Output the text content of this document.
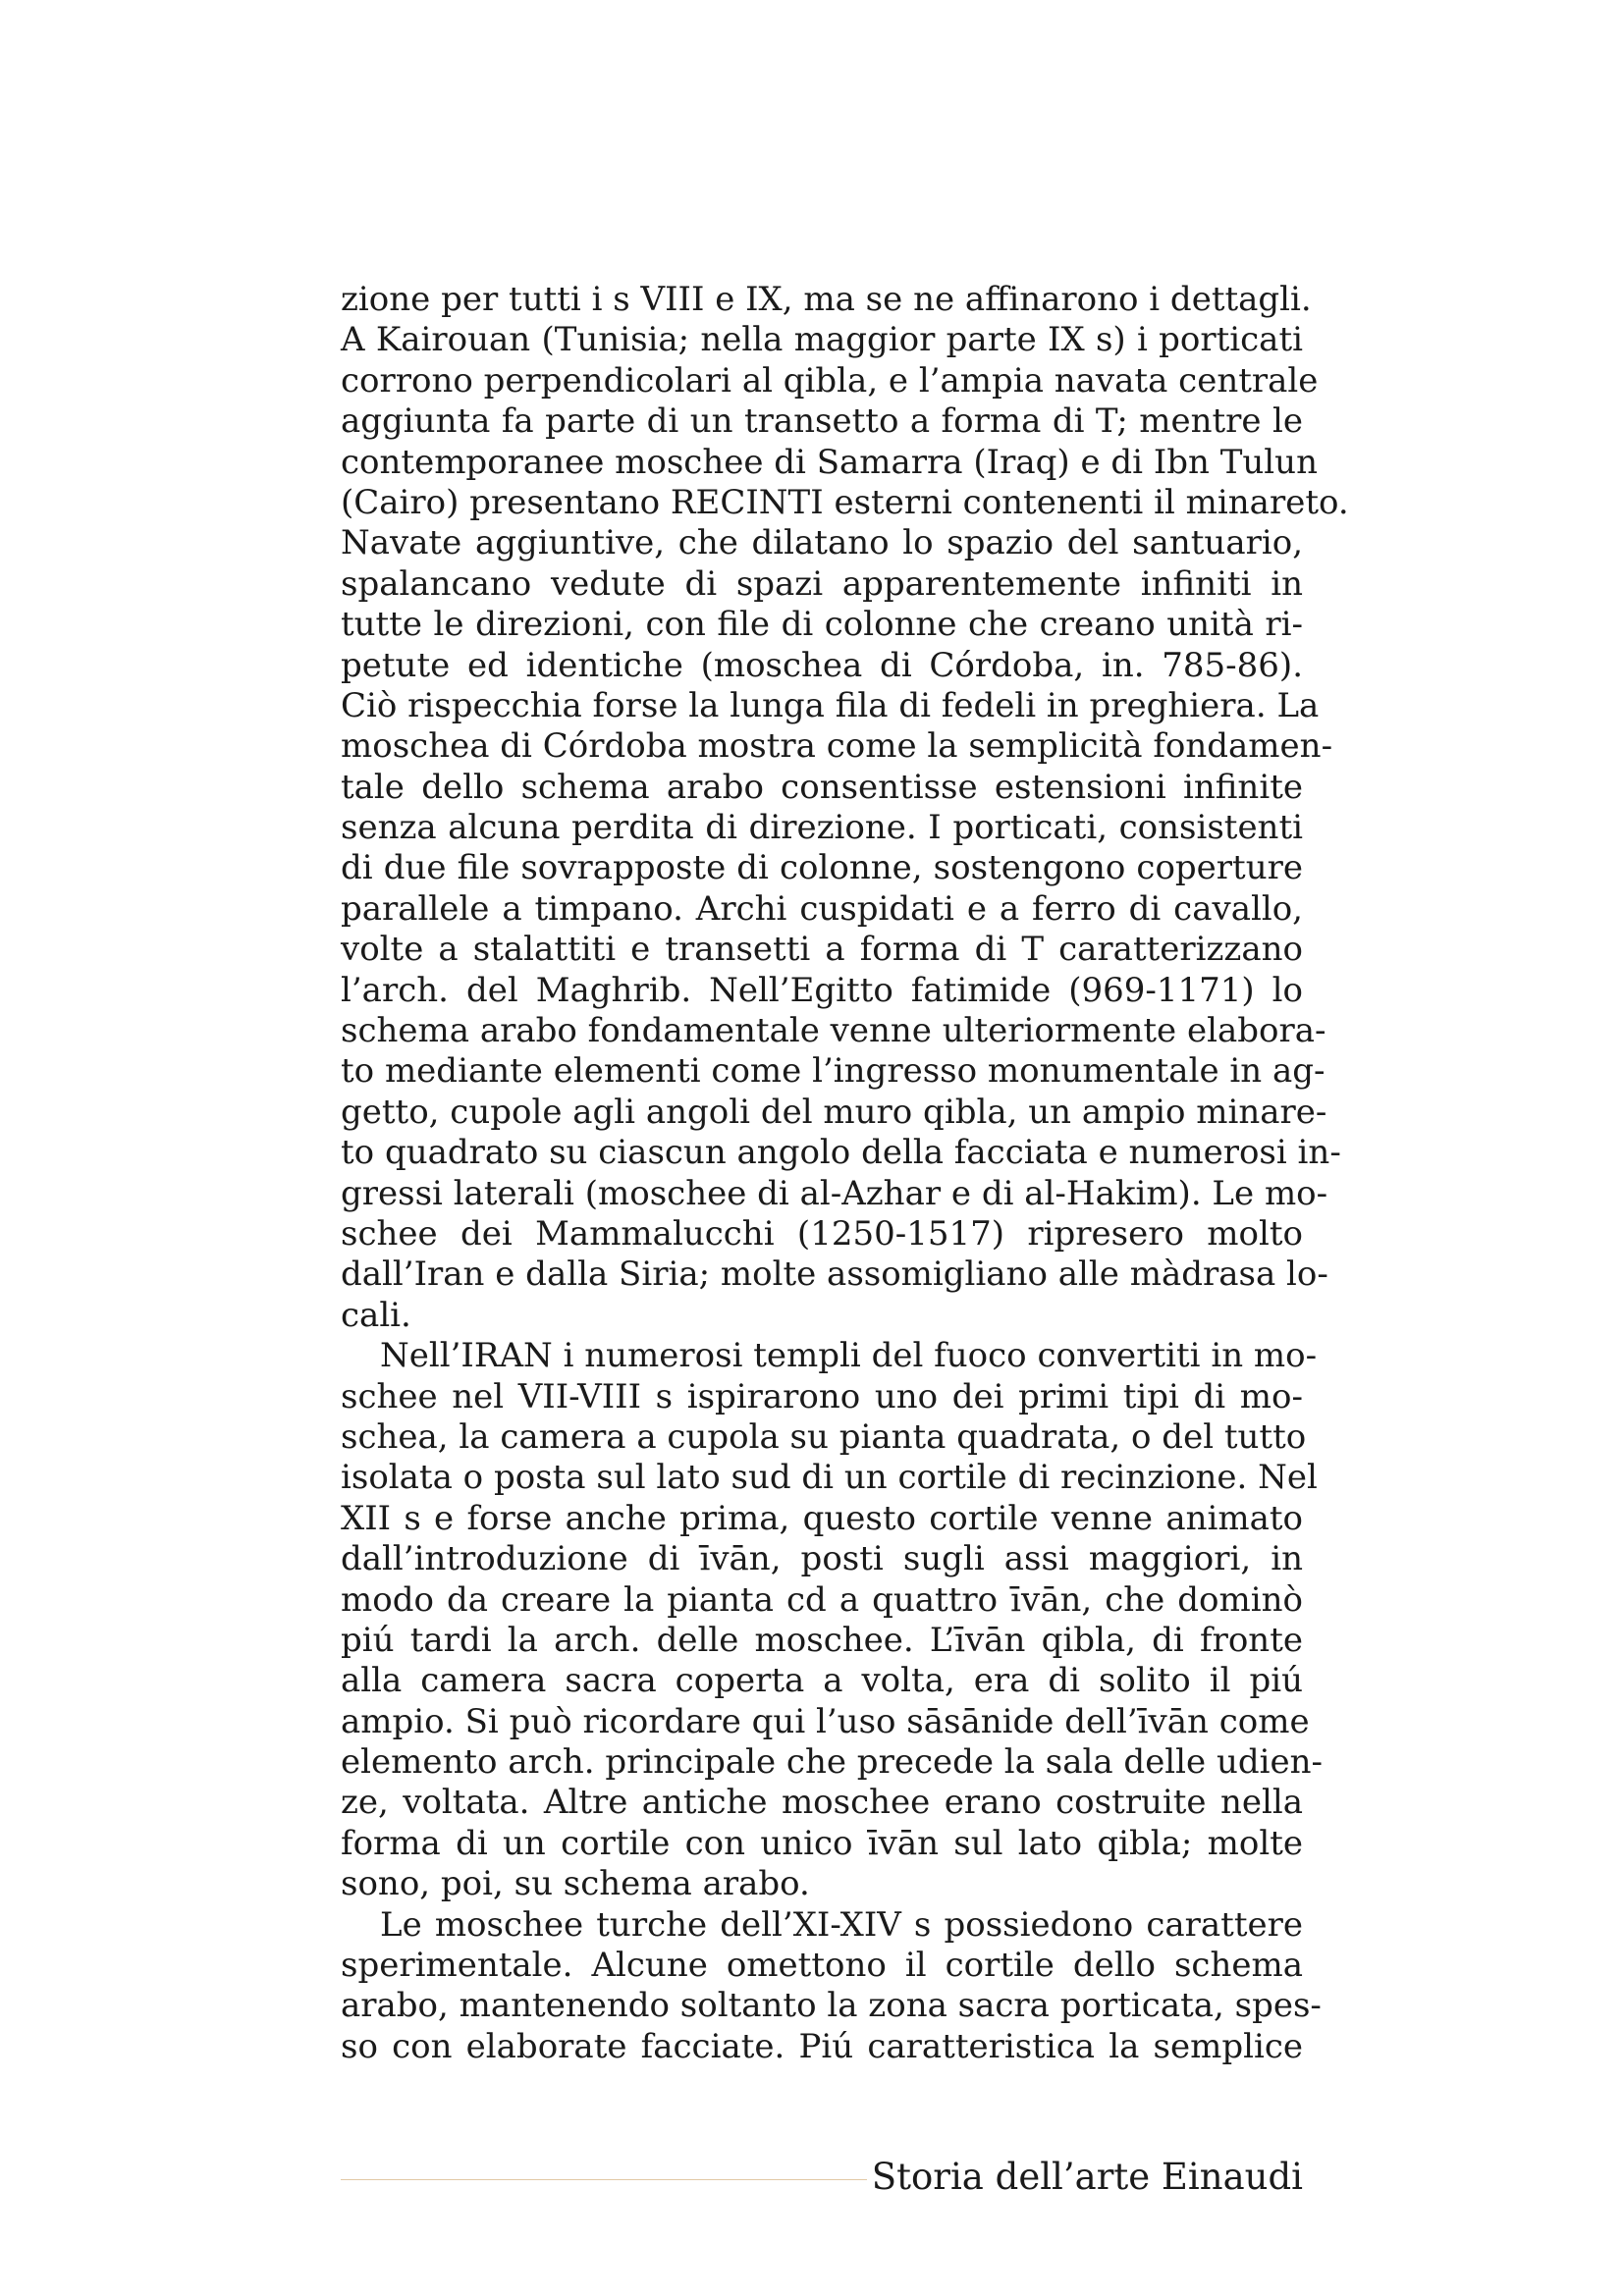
zione per tutti i s VIII e IX, ma se ne affinarono i dettagli.
A Kairouan (Tunisia; nella maggior parte IX s) i porticati
corrono perpendicolari al qibla, e l’ampia navata centrale
aggiunta fa parte di un transetto a forma di T; mentre le
contemporanee moschee di Samarra (Iraq) e di Ibn Tulun
(Cairo) presentano RECINTI esterni contenenti il minareto.
Navate aggiuntive, che dilatano lo spazio del santuario,
spalancano vedute di spazi apparentemente infiniti in
tutte le direzioni, con file di colonne che creano unità ri-
petute ed identiche (moschea di Córdoba, in. 785-86).
Ciò rispecchia forse la lunga fila di fedeli in preghiera. La
moschea di Córdoba mostra come la semplicità fondamen-
tale dello schema arabo consentisse estensioni infinite
senza alcuna perdita di direzione. I porticati, consistenti
di due file sovrapposte di colonne, sostengono coperture
parallele a timpano. Archi cuspidati e a ferro di cavallo,
volte a stalattiti e transetti a forma di T caratterizzano
l’arch. del Maghrib. Nell’Egitto fatimide (969-1171) lo
schema arabo fondamentale venne ulteriormente elabora-
to mediante elementi come l’ingresso monumentale in ag-
getto, cupole agli angoli del muro qibla, un ampio minare-
to quadrato su ciascun angolo della facciata e numerosi in-
gressi laterali (moschee di al-Azhar e di al-Hakim). Le mo-
schee dei Mammalucchi (1250-1517) ripresero molto
dall’Iran e dalla Siria; molte assomigliano alle màdrasa lo-
cali.
Nell’IRAN i numerosi templi del fuoco convertiti in mo-
schee nel VII-VIII s ispirarono uno dei primi tipi di mo-
schea, la camera a cupola su pianta quadrata, o del tutto
isolata o posta sul lato sud di un cortile di recinzione. Nel
XII s e forse anche prima, questo cortile venne animato
dall’introduzione di īvān, posti sugli assi maggiori, in
modo da creare la pianta cd a quattro īvān, che dominò
piú tardi la arch. delle moschee. L’īvān qibla, di fronte
alla camera sacra coperta a volta, era di solito il piú
ampio. Si può ricordare qui l’uso sāsānide dell’īvān come
elemento arch. principale che precede la sala delle udien-
ze, voltata. Altre antiche moschee erano costruite nella
forma di un cortile con unico īvān sul lato qibla; molte
sono, poi, su schema arabo.
Le moschee turche dell’XI-XIV s possiedono carattere
sperimentale. Alcune omettono il cortile dello schema
arabo, mantenendo soltanto la zona sacra porticata, spes-
so con elaborate facciate. Piú caratteristica la semplice
Storia dell’arte Einaudi
